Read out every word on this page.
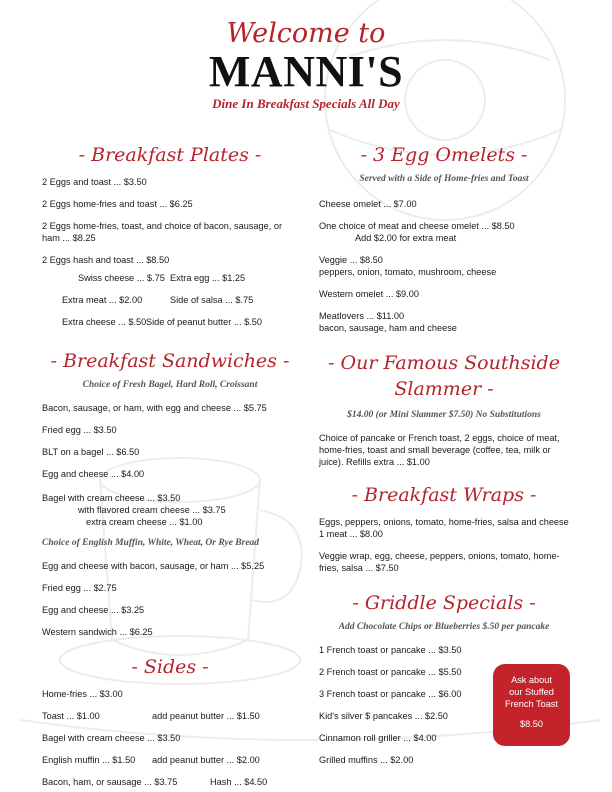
Welcome to
MANNI'S
Dine In Breakfast Specials All Day
- Breakfast Plates -
2 Eggs and toast ... $3.50
2 Eggs home-fries and toast ... $6.25
2 Eggs home-fries, toast, and choice of bacon, sausage, or ham ... $8.25
2 Eggs hash and toast ... $8.50
Swiss cheese ... $.75 Extra egg ... $1.25
Extra meat ... $2.00	Side of salsa ... $.75
Extra cheese ... $.50 Side of peanut butter ... $.50
- Breakfast Sandwiches -
Choice of Fresh Bagel, Hard Roll, Croissant
Bacon, sausage, or ham, with egg and cheese ... $5.75
Fried egg ... $3.50
BLT on a bagel ... $6.50
Egg and cheese ... $4.00
Bagel with cream cheese ... $3.50
with flavored cream cheese ... $3.75
extra cream cheese ... $1.00
Choice of English Muffin, White, Wheat, Or Rye Bread
Egg and cheese with bacon, sausage, or ham ... $5.25
Fried egg ... $2.75
Egg and cheese ... $3.25
Western sandwich ... $6.25
- Sides -
Home-fries ... $3.00
Toast ... $1.00	add peanut butter ... $1.50
Bagel with cream cheese ... $3.50
English muffin ... $1.50	add peanut butter ... $2.00
Bacon, ham, or sausage ... $3.75	Hash ... $4.50
- 3 Egg Omelets -
Served with a Side of Home-fries and Toast
Cheese omelet ... $7.00
One choice of meat and cheese omelet ... $8.50
Add $2.00 for extra meat
Veggie ... $8.50
peppers, onion, tomato, mushroom, cheese
Western omelet ... $9.00
Meatlovers ... $11.00
bacon, sausage, ham and cheese
- Our Famous Southside
Slammer -
$14.00 (or Mini Slammer $7.50) No Substitutions
Choice of pancake or French toast, 2 eggs, choice of meat, home-fries, toast and small beverage (coffee, tea, milk or juice). Refills extra ... $1.00
- Breakfast Wraps -
Eggs, peppers, onions, tomato, home-fries, salsa and cheese 1 meat ... $8.00
Veggie wrap, egg, cheese, peppers, onions, tomato, home-fries, salsa ... $7.50
- Griddle Specials -
Add Chocolate Chips or Blueberries $.50 per pancake
1 French toast or pancake ... $3.50
2 French toast or pancake ... $5.50
3 French toast or pancake ... $6.00
Kid's silver $ pancakes ... $2.50
Cinnamon roll griller ... $4.00
Grilled muffins ... $2.00
Ask about
our Stuffed
French Toast
$8.50
